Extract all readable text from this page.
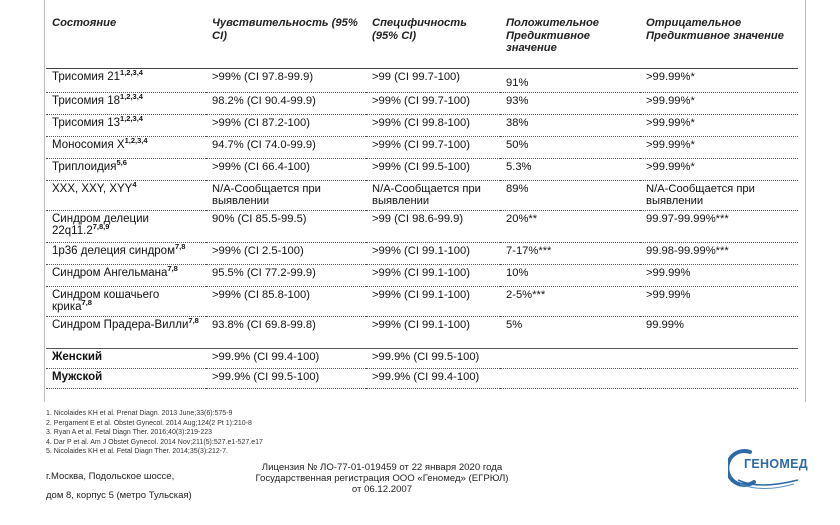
Состояние	Чувствительность (95% CI)	Специфичность (95% CI)	Положительное Предиктивное значение	Отрицательное Предиктивное значение
Трисомия $21^{1,2,3,4}$	>99% (CI 97.8-99.9)	>99 (CI 99.7-100)	91%	>99.99%*
Трисомия 18$^{1,2,3,4}$	98.2% (CI 90.4-99.9)	>99% (CI 99.7-100)	93%	>99.99%*
Трисомия $13^{1,2,3,4}$	>99% (CI 87.2-100)	>99% (CI 99.8-100)	38%	>99.99%*
Моносомия X$^{1,2,3,4}$	94.7% (CI 74.0-99.9)	>99% (CI 99.7-100)	50%	>99.99%*
Триплоидия$^{5,6}$	>99% (CI 66.4-100)	>99% (CI 99.5-100)	5.3%	>99.99%*
XXX, XXY, XYY$^4$	N/A-Сообщается при выявлении	N/A-Сообщается при выявлении	89%	N/A-Сообщается при выявлении
Синдром делеции 22q11.2$^{7,8,9}$	90% (CI 85.5-99.5)	>99 (CI 98.6-99.9)	20%**	99.97-99.99%***
1p36 делеция синдром$^{7,8}$	>99% (CI 2.5-100)	>99% (CI 99.1-100)	7-17%***	99.98-99.99%***
Синдром Ангельмана$^{7,8}$	95.5% (CI 77.2-99.9)	>99% (CI 99.1-100)	10%	>99.99%
Синдром кошачьего крика$^{7,8}$	>99% (CI 85.8-100)	>99% (CI 99.1-100)	2-5%***	>99.99%
Синдром Прадера-Вилли$^{7,8}$	93.8% (CI 69.8-99.8)	>99% (CI 99.1-100)	5%	99.99%
Женский	>99.9% (CI 99.4-100)	>99.9% (CI 99.5-100)		
Мужской	>99.9% (CI 99.5-100)	>99.9% (CI 99.4-100)		
1. Nicolaides KH et al. Prenat Diagn. 2013 June;33(6):575-9
2. Pergament E et al. Obstet Gynecol. 2014 Aug;124(2 Pt 1):210-8
3. Ryan A et al. Fetal Diagn Ther. 2016;40(3):219-223
4. Dar P et al. Am J Obstet Gynecol. 2014 Nov;211(5):527.e1-527.e17
5. Nicolaides KH et al. Fetal Diagn Ther. 2014;35(3):212-7.
г.Москва, Подольское шоссе,
дом 8, корпус 5 (метро Тульская)
Лицензия № ЛО-77-01-019459 от 22 января 2020 года
Государственная регистрация ООО «Геномед» (ЕГРЮЛ)
от 06.12.2007
ГЕНОМЕД
